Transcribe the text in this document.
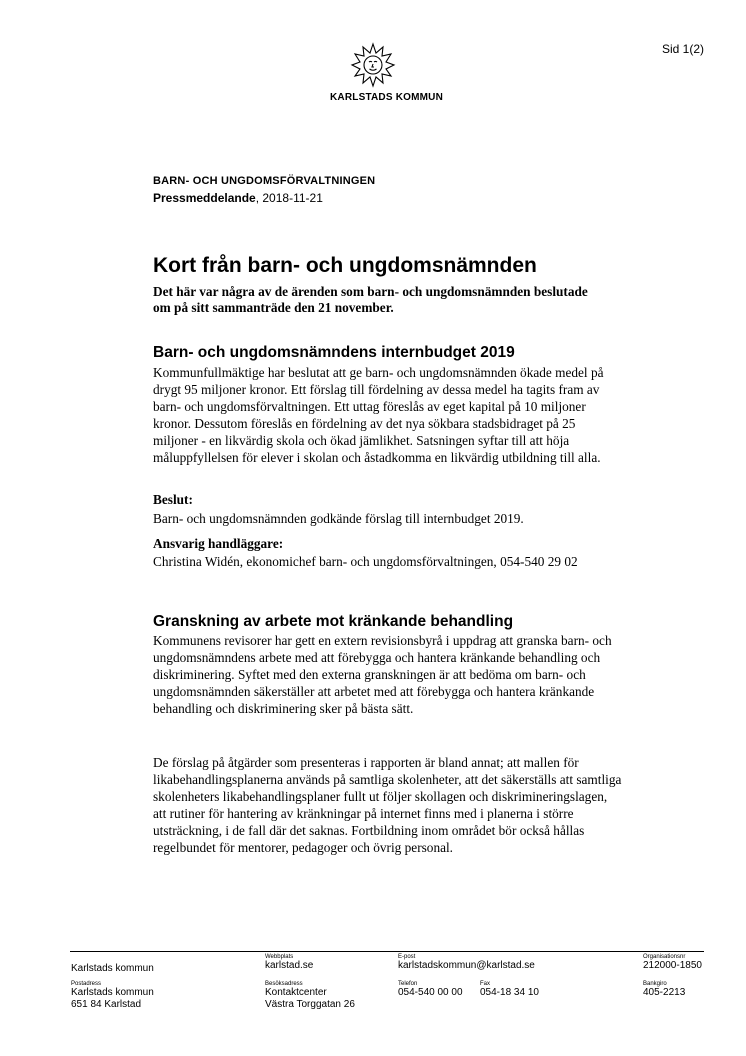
Sid 1(2)
KARLSTADS KOMMUN
BARN- OCH UNGDOMSFÖRVALTNINGEN
Pressmeddelande, 2018-11-21
Kort från barn- och ungdomsnämnden
Det här var några av de ärenden som barn- och ungdomsnämnden beslutade om på sitt sammanträde den 21 november.
Barn- och ungdomsnämndens internbudget 2019
Kommunfullmäktige har beslutat att ge barn- och ungdomsnämnden ökade medel på drygt 95 miljoner kronor. Ett förslag till fördelning av dessa medel ha tagits fram av barn- och ungdomsförvaltningen. Ett uttag föreslås av eget kapital på 10 miljoner kronor. Dessutom föreslås en fördelning av det nya sökbara stadsbidraget på 25 miljoner - en likvärdig skola och ökad jämlikhet. Satsningen syftar till att höja måluppfyllelsen för elever i skolan och åstadkomma en likvärdig utbildning till alla.
Beslut:
Barn- och ungdomsnämnden godkände förslag till internbudget 2019.
Ansvarig handläggare:
Christina Widén, ekonomichef barn- och ungdomsförvaltningen, 054-540 29 02
Granskning av arbete mot kränkande behandling
Kommunens revisorer har gett en extern revisionsbyrå i uppdrag att granska barn- och ungdomsnämndens arbete med att förebygga och hantera kränkande behandling och diskriminering. Syftet med den externa granskningen är att bedöma om barn- och ungdomsnämnden säkerställer att arbetet med att förebygga och hantera kränkande behandling och diskriminering sker på bästa sätt.
De förslag på åtgärder som presenteras i rapporten är bland annat; att mallen för likabehandlingsplanerna används på samtliga skolenheter, att det säkerställs att samtliga skolenheters likabehandlingsplaner fullt ut följer skollagen och diskrimineringslagen, att rutiner för hantering av kränkningar på internet finns med i planerna i större utsträckning, i de fall där det saknas. Fortbildning inom området bör också hållas regelbundet för mentorer, pedagoger och övrig personal.
Karlstads kommun
Webbplats
karlstad.se
E-post
karlstadskommun@karlstad.se
Organisationsnr
212000-1850
Postadress
Karlstads kommun
651 84 Karlstad
Besöksadress
Kontaktcenter
Västra Torggatan 26
Telefon
054-540 00 00
Fax
054-18 34 10
Bankgiro
405-2213
